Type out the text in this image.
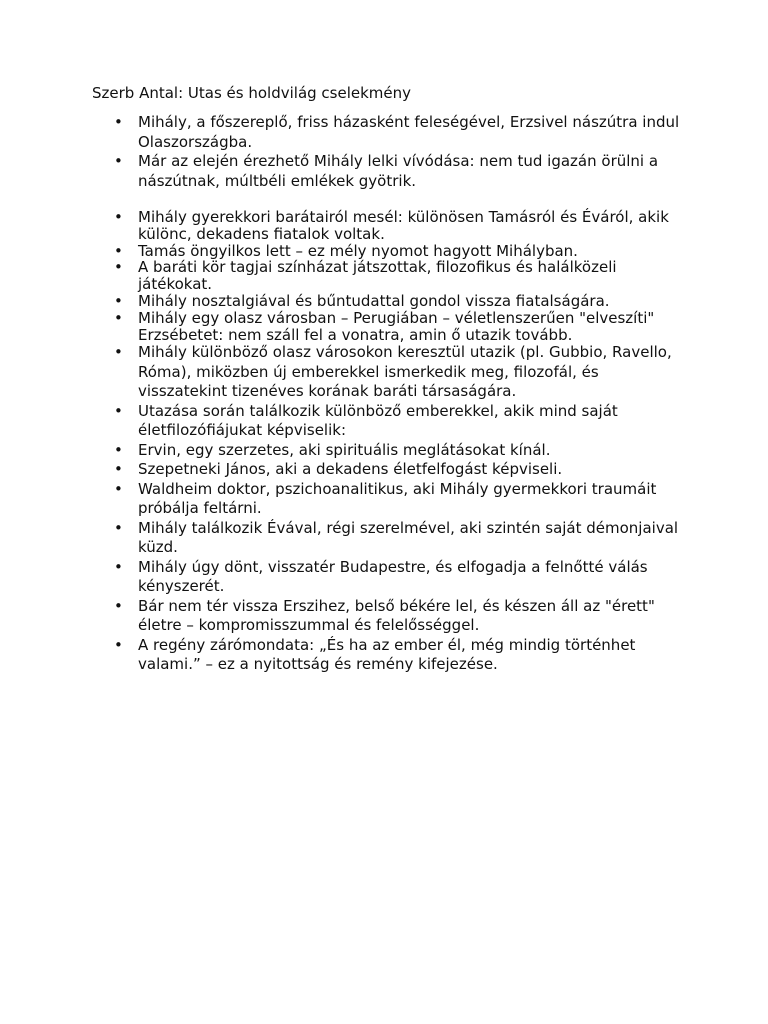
Szerb Antal: Utas és holdvilág cselekmény
• Mihály, a főszereplő, friss házasként feleségével, Erzsivel nászútra indul Olaszországba.
• Már az elején érezhető Mihály lelki vívódása: nem tud igazán örülni a nászútnak, múltbéli emlékek gyötrik.
• Mihály gyerekkori barátairól mesél: különösen Tamásról és Éváról, akik különc, dekadens fiatalok voltak.
• Tamás öngyilkos lett – ez mély nyomot hagyott Mihályban.
• A baráti kör tagjai színházat játszottak, filozofikus és halálközeli játékokat.
• Mihály nosztalgiával és bűntudattal gondol vissza fiatalságára.
• Mihály egy olasz városban – Perugiában – véletlenszerűen "elveszíti" Erzsébetet: nem száll fel a vonatra, amin ő utazik tovább.
• Mihály különböző olasz városokon keresztül utazik (pl. Gubbio, Ravello, Róma), miközben új emberekkel ismerkedik meg, filozofál, és visszatekint tizenéves korának baráti társaságára.
• Utazása során találkozik különböző emberekkel, akik mind saját életfilozófiájukat képviselik:
• Ervin, egy szerzetes, aki spirituális meglátásokat kínál.
• Szepetneki János, aki a dekadens életfelfogást képviseli.
• Waldheim doktor, pszichoanalitikus, aki Mihály gyermekkori traumáit próbálja feltárni.
• Mihály találkozik Évával, régi szerelmével, aki szintén saját démonjaival küzd.
• Mihály úgy dönt, visszatér Budapestre, és elfogadja a felnőtté válás kényszerét.
• Bár nem tér vissza Erszihez, belső békére lel, és készen áll az "érett" életre – kompromisszummal és felelősséggel.
• A regény zárómondata: „És ha az ember él, még mindig történhet valami.” – ez a nyitottság és remény kifejezése.
